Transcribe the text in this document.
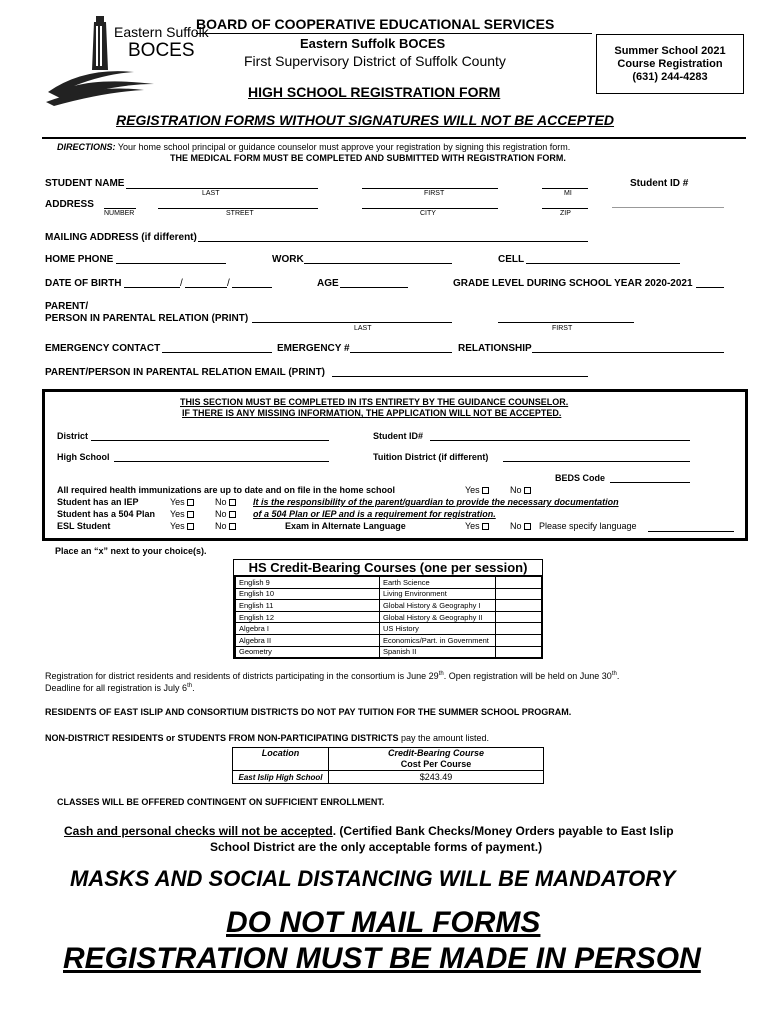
Eastern Suffolk
BOCES
BOARD OF COOPERATIVE EDUCATIONAL SERVICES
Eastern Suffolk BOCES
First Supervisory District of Suffolk County
HIGH SCHOOL REGISTRATION FORM
Summer School 2021
Course Registration
(631) 244-4283
REGISTRATION FORMS WITHOUT SIGNATURES WILL NOT BE ACCEPTED
DIRECTIONS: Your home school principal or guidance counselor must approve your registration by signing this registration form.
THE MEDICAL FORM MUST BE COMPLETED AND SUBMITTED WITH REGISTRATION FORM.
STUDENT NAME	Student ID #
LAST	FIRST	MI
ADDRESS
NUMBER	STREET	CITY	ZIP
MAILING ADDRESS (if different)
HOME PHONE	WORK	CELL
DATE OF BIRTH	/	/	AGE	GRADE LEVEL DURING SCHOOL YEAR 2020-2021
PARENT/
PERSON IN PARENTAL RELATION (PRINT)
LAST	FIRST
EMERGENCY CONTACT	EMERGENCY #	RELATIONSHIP
PARENT/PERSON IN PARENTAL RELATION EMAIL (PRINT)
THIS SECTION MUST BE COMPLETED IN ITS ENTIRETY BY THE GUIDANCE COUNSELOR.
IF THERE IS ANY MISSING INFORMATION, THE APPLICATION WILL NOT BE ACCEPTED.
District	Student ID#
High School	Tuition District (if different)
BEDS Code
All required health immunizations are up to date and on file in the home school	Yes	No
Student has an IEP	Yes	No	It is the responsibility of the parent/guardian to provide the necessary documentation
Student has a 504 Plan Yes	No	of a 504 Plan or IEP and is a requirement for registration.
ESL Student	Yes	No	Exam in Alternate Language	Yes	No	Please specify language
Place an “x” next to your choice(s).
HS Credit-Bearing Courses (one per session)
	English 9	Earth Science	
	English 10	Living Environment	
	English 11	Global History & Geography I	
	English 12	Global History & Geography II	
	Algebra I	US History	
	Algebra II	Economics/Part. in Government	
	Geometry	Spanish II	
Registration for district residents and residents of districts participating in the consortium is June 29th. Open registration will be held on June 30th.
Deadline for all registration is July 6th.
RESIDENTS OF EAST ISLIP AND CONSORTIUM DISTRICTS DO NOT PAY TUITION FOR THE SUMMER SCHOOL PROGRAM.
NON-DISTRICT RESIDENTS or STUDENTS FROM NON-PARTICIPATING DISTRICTS pay the amount listed.
Location	Credit-Bearing Course
Cost Per Course

East Islip High School	$243.49
CLASSES WILL BE OFFERED CONTINGENT ON SUFFICIENT ENROLLMENT.
Cash and personal checks will not be accepted. (Certified Bank Checks/Money Orders payable to East Islip
School District are the only acceptable forms of payment.)
MASKS AND SOCIAL DISTANCING WILL BE MANDATORY
DO NOT MAIL FORMS
REGISTRATION MUST BE MADE IN PERSON
